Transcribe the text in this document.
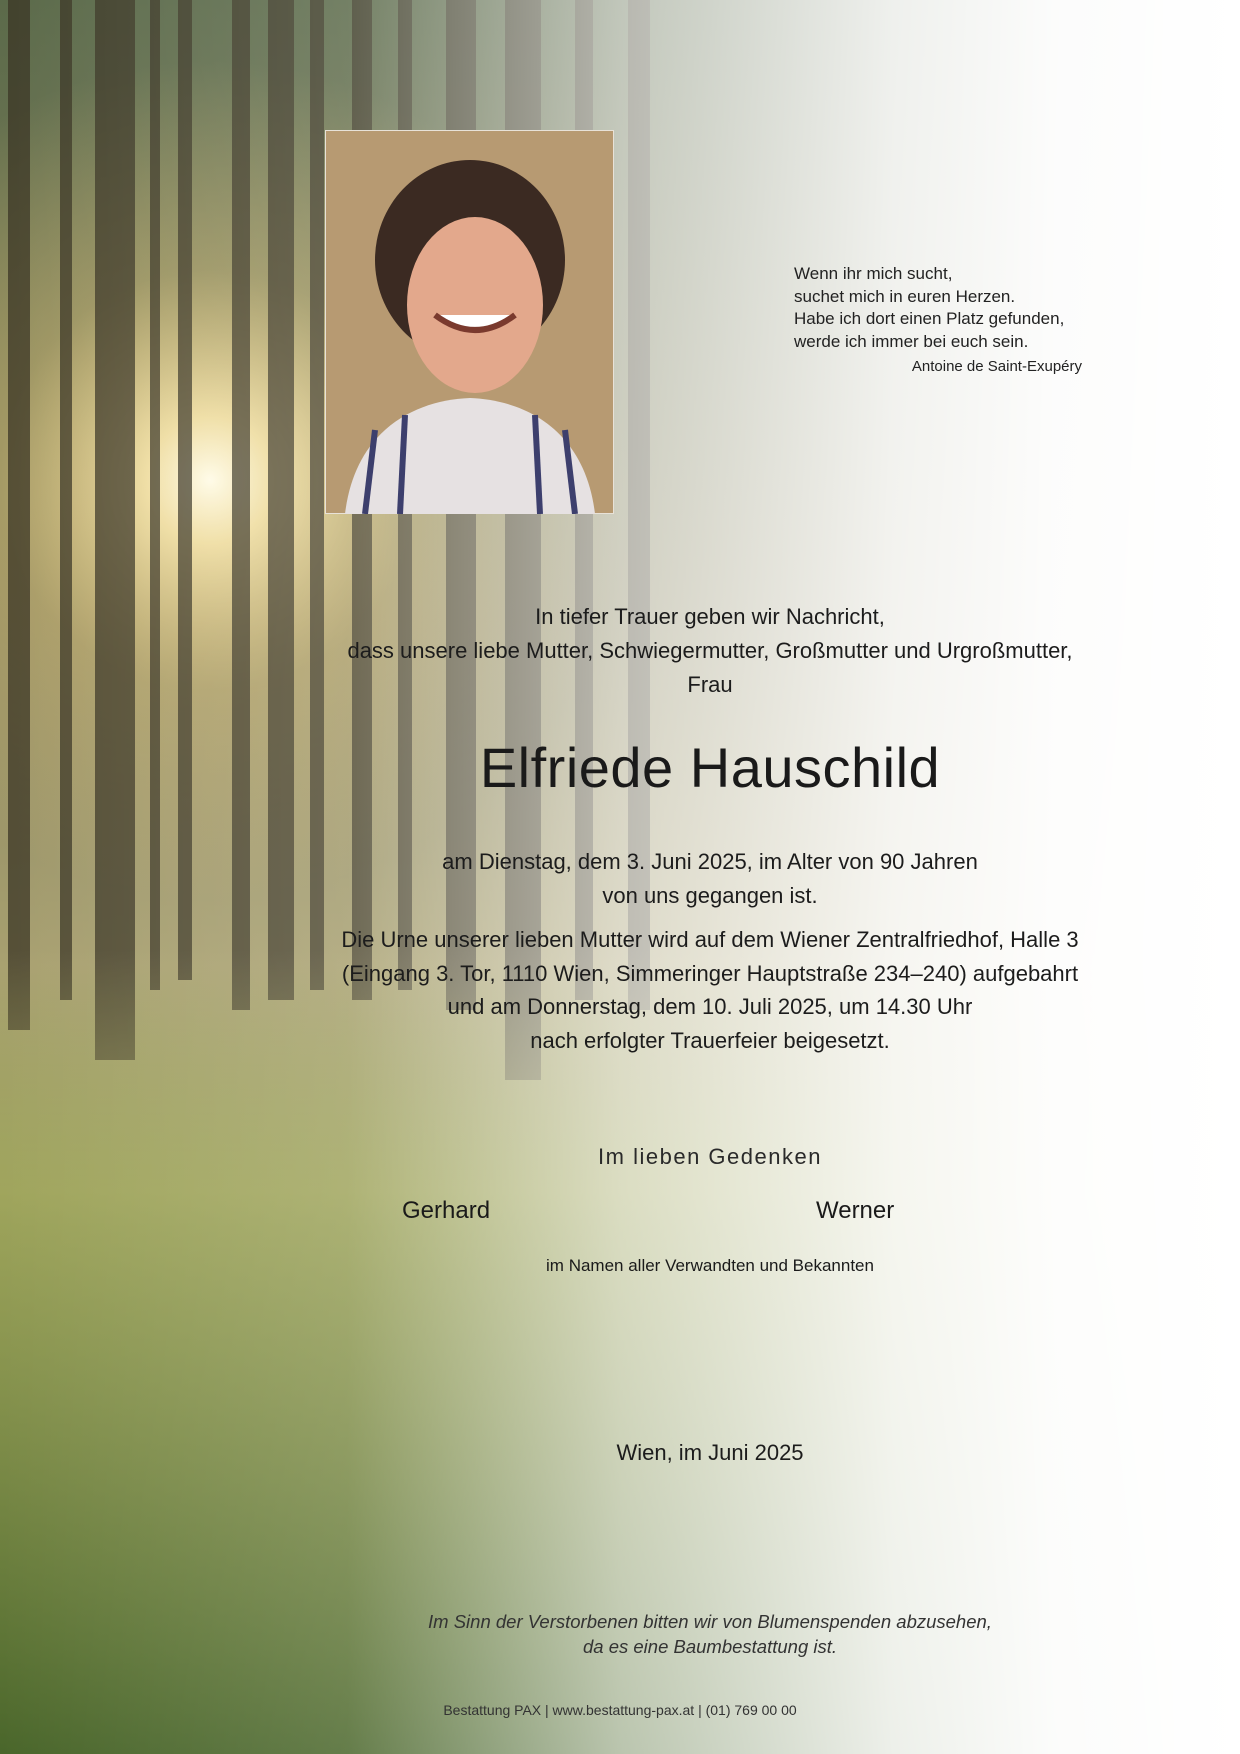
Wenn ihr mich sucht,
suchet mich in euren Herzen.
Habe ich dort einen Platz gefunden,
werde ich immer bei euch sein.
Antoine de Saint-Exupéry
In tiefer Trauer geben wir Nachricht,
dass unsere liebe Mutter, Schwiegermutter, Großmutter und Urgroßmutter,
Frau
Elfriede Hauschild
am Dienstag, dem 3. Juni 2025, im Alter von 90 Jahren
von uns gegangen ist.
Die Urne unserer lieben Mutter wird auf dem Wiener Zentralfriedhof, Halle 3
(Eingang 3. Tor, 1110 Wien, Simmeringer Hauptstraße 234–240) aufgebahrt
und am Donnerstag, dem 10. Juli 2025, um 14.30 Uhr
nach erfolgter Trauerfeier beigesetzt.
Im lieben Gedenken
Gerhard	Werner
im Namen aller Verwandten und Bekannten
Wien, im Juni 2025
Im Sinn der Verstorbenen bitten wir von Blumenspenden abzusehen,
da es eine Baumbestattung ist.
Bestattung PAX | www.bestattung-pax.at | (01) 769 00 00
